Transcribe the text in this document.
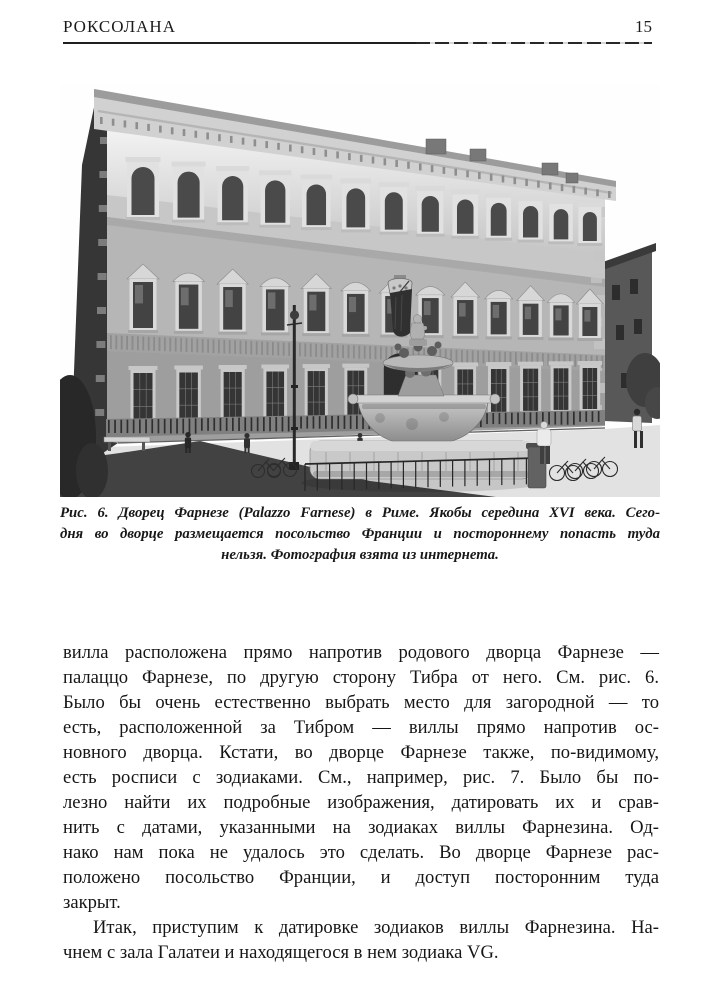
РОКСОЛАНА	15
Рис. 6. Дворец Фарнезе (Palazzo Farnese) в Риме. Якобы середина XVI века. Сего-
дня во дворце размещается посольство Франции и постороннему попасть туда
нельзя. Фотография взята из интернета.
вилла расположена прямо напротив родового дворца Фарнезе —
палаццо Фарнезе, по другую сторону Тибра от него. См. рис. 6.
Было бы очень естественно выбрать место для загородной — то
есть, расположенной за Тибром — виллы прямо напротив ос-
новного дворца. Кстати, во дворце Фарнезе также, по-видимому,
есть росписи с зодиаками. См., например, рис. 7. Было бы по-
лезно найти их подробные изображения, датировать их и срав-
нить с датами, указанными на зодиаках виллы Фарнезина. Од-
нако нам пока не удалось это сделать. Во дворце Фарнезе рас-
положено посольство Франции, и доступ посторонним туда
закрыт.
Итак, приступим к датировке зодиаков виллы Фарнезина. На-
чнем с зала Галатеи и находящегося в нем зодиака VG.
